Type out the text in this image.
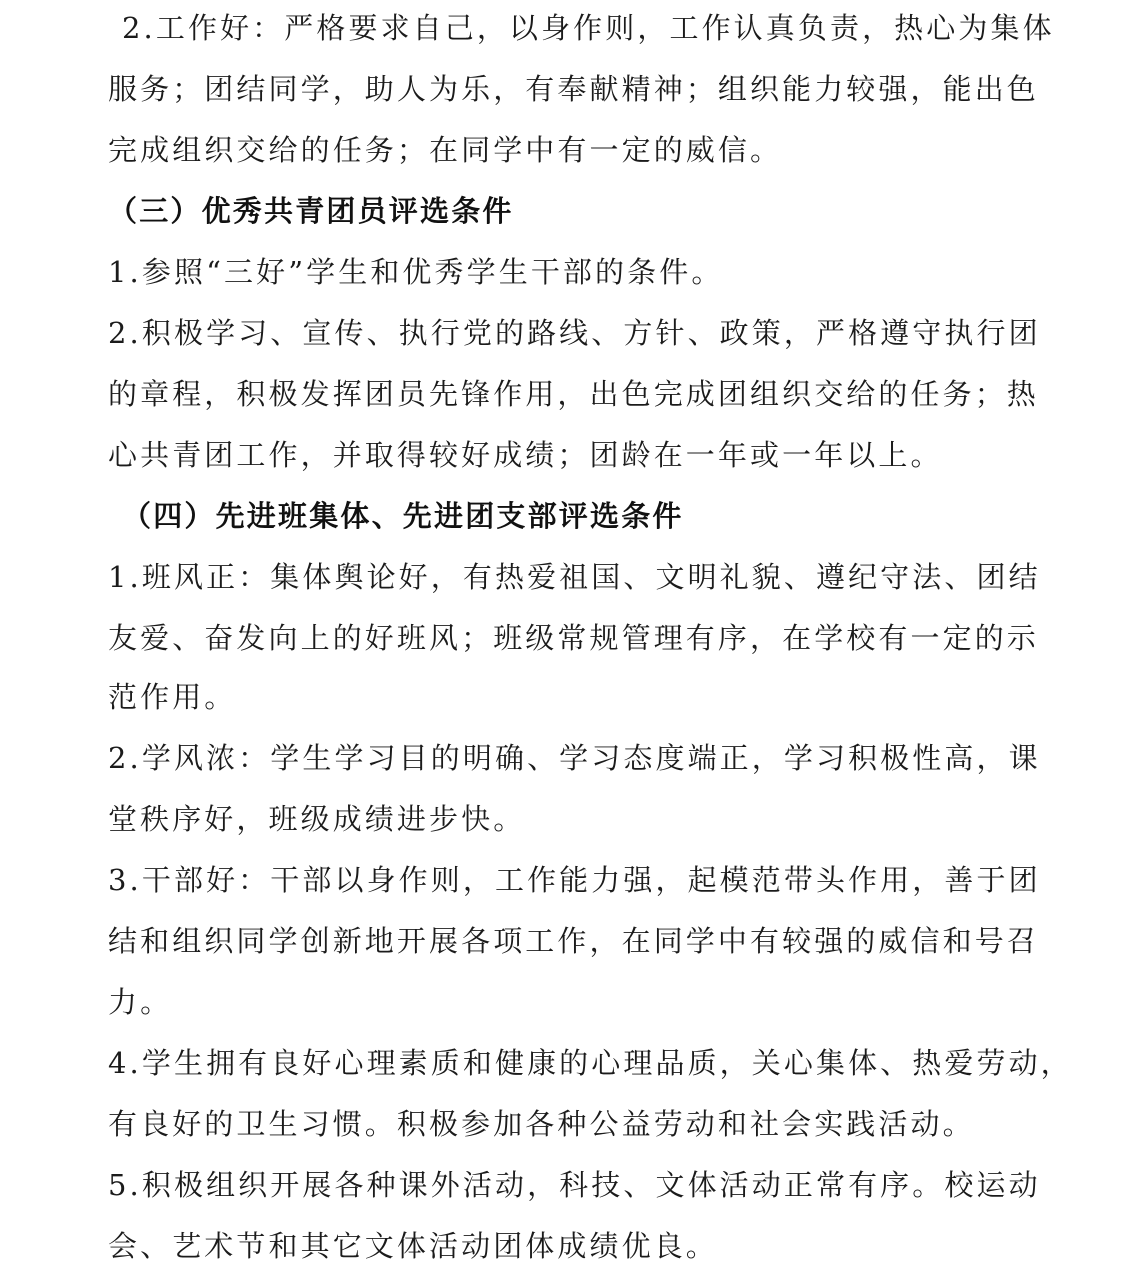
2.工作好：严格要求自己，以身作则，工作认真负责，热心为集体
服务；团结同学，助人为乐，有奉献精神；组织能力较强，能出色
完成组织交给的任务；在同学中有一定的威信。
（三）优秀共青团员评选条件
1.参照“三好”学生和优秀学生干部的条件。
2.积极学习、宣传、执行党的路线、方针、政策，严格遵守执行团
的章程，积极发挥团员先锋作用，出色完成团组织交给的任务；热
心共青团工作，并取得较好成绩；团龄在一年或一年以上。
（四）先进班集体、先进团支部评选条件
1.班风正：集体舆论好，有热爱祖国、文明礼貌、遵纪守法、团结
友爱、奋发向上的好班风；班级常规管理有序，在学校有一定的示
范作用。
2.学风浓：学生学习目的明确、学习态度端正，学习积极性高，课
堂秩序好，班级成绩进步快。
3.干部好：干部以身作则，工作能力强，起模范带头作用，善于团
结和组织同学创新地开展各项工作，在同学中有较强的威信和号召
力。
4.学生拥有良好心理素质和健康的心理品质，关心集体、热爱劳动，
有良好的卫生习惯。积极参加各种公益劳动和社会实践活动。
5.积极组织开展各种课外活动，科技、文体活动正常有序。校运动
会、艺术节和其它文体活动团体成绩优良。
